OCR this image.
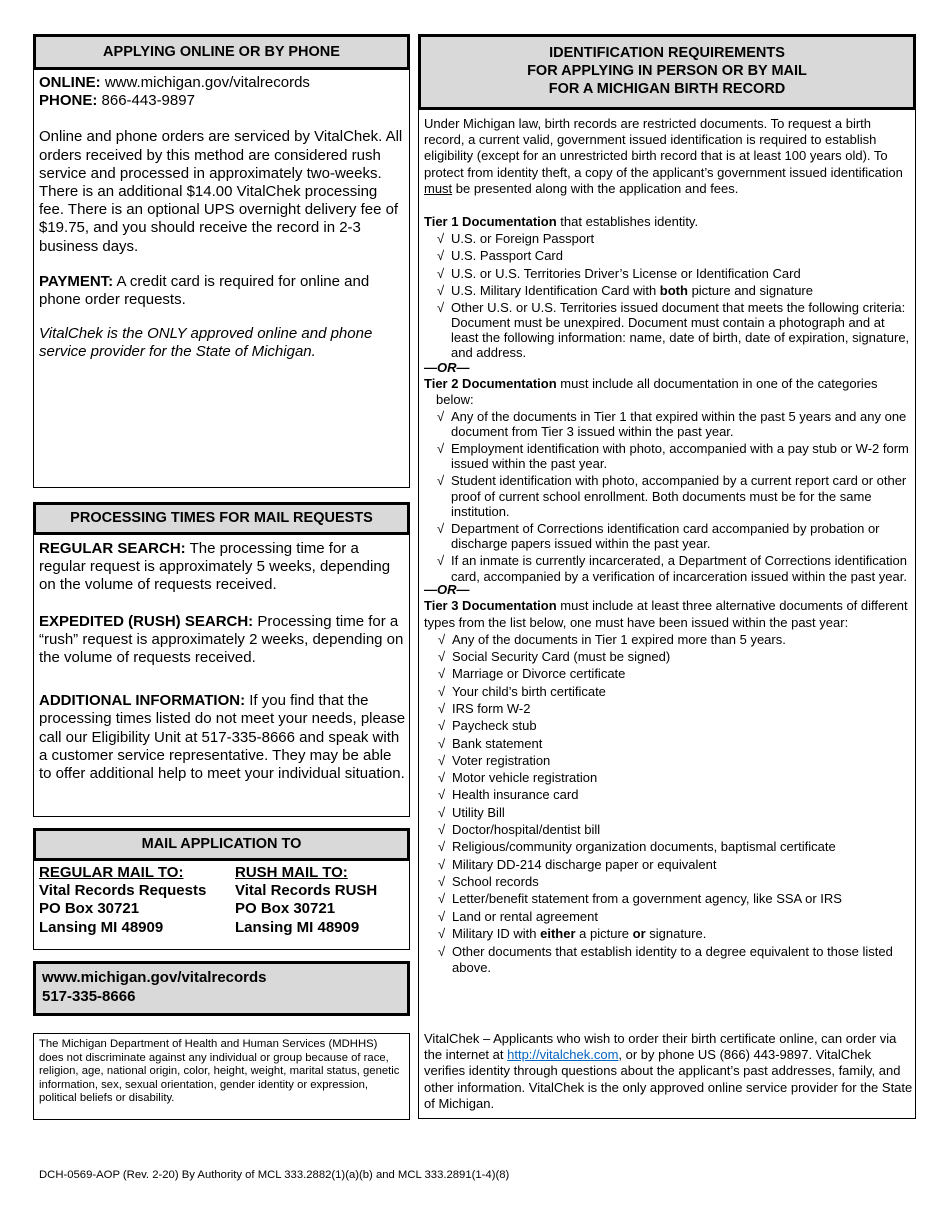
APPLYING ONLINE OR BY PHONE

ONLINE: www.michigan.gov/vitalrecords

PHONE: 866-443-9897

Online and phone orders are serviced by VitalChek. All orders received by this method are considered rush service and processed in approximately two-weeks. There is an additional $14.00 VitalChek processing fee. There is an optional UPS overnight delivery fee of $19.75, and you should receive the record in 2-3 business days.

PAYMENT: A credit card is required for online and phone order requests.

VitalChek is the ONLY approved online and phone service provider for the State of Michigan.

PROCESSING TIMES FOR MAIL REQUESTS

REGULAR SEARCH: The processing time for a regular request is approximately 5 weeks, depending on the volume of requests received.

EXPEDITED (RUSH) SEARCH: Processing time for a “rush” request is approximately 2 weeks, depending on the volume of requests received.

ADDITIONAL INFORMATION: If you find that the processing times listed do not meet your needs, please call our Eligibility Unit at 517-335-8666 and speak with a customer service representative. They may be able to offer additional help to meet your individual situation.

MAIL APPLICATION TO

REGULAR MAIL TO:

Vital Records Requests

PO Box 30721

Lansing MI 48909

RUSH MAIL TO:

Vital Records RUSH

PO Box 30721

Lansing MI 48909

www.michigan.gov/vitalrecords

517-335-8666

The Michigan Department of Health and Human Services (MDHHS) does not discriminate against any individual or group because of race, religion, age, national origin, color, height, weight, marital status, genetic information, sex, sexual orientation, gender identity or expression, political beliefs or disability.

IDENTIFICATION REQUIREMENTS

FOR APPLYING IN PERSON OR BY MAIL

FOR A MICHIGAN BIRTH RECORD

Under Michigan law, birth records are restricted documents. To request a birth record, a current valid, government issued identification is required to establish eligibility (except for an unrestricted birth record that is at least 100 years old). To protect from identity theft, a copy of the applicant’s government issued identification must be presented along with the application and fees.

Tier 1 Documentation that establishes identity.

√ U.S. or Foreign Passport
√ U.S. Passport Card
√ U.S. or U.S. Territories Driver’s License or Identification Card
√ U.S. Military Identification Card with both picture and signature
√ Other U.S. or U.S. Territories issued document that meets the following criteria: Document must be unexpired. Document must contain a photograph and at least the following information: name, date of birth, date of expiration, signature, and address.

—OR—

Tier 2 Documentation must include all documentation in one of the categories below:

√ Any of the documents in Tier 1 that expired within the past 5 years and any one document from Tier 3 issued within the past year.
√ Employment identification with photo, accompanied with a pay stub or W-2 form issued within the past year.
√ Student identification with photo, accompanied by a current report card or other proof of current school enrollment. Both documents must be for the same institution.
√ Department of Corrections identification card accompanied by probation or discharge papers issued within the past year.
√ If an inmate is currently incarcerated, a Department of Corrections identification card, accompanied by a verification of incarceration issued within the past year.

—OR—

Tier 3 Documentation must include at least three alternative documents of different types from the list below, one must have been issued within the past year:

√ Any of the documents in Tier 1 expired more than 5 years.
√ Social Security Card (must be signed)
√ Marriage or Divorce certificate
√ Your child’s birth certificate
√ IRS form W-2
√ Paycheck stub
√ Bank statement
√ Voter registration
√ Motor vehicle registration
√ Health insurance card
√ Utility Bill
√ Doctor/hospital/dentist bill
√ Religious/community organization documents, baptismal certificate
√ Military DD-214 discharge paper or equivalent
√ School records
√ Letter/benefit statement from a government agency, like SSA or IRS
√ Land or rental agreement
√ Military ID with either a picture or signature.
√ Other documents that establish identity to a degree equivalent to those listed above.
VitalChek – Applicants who wish to order their birth certificate online, can order via the internet at http://vitalchek.com, or by phone US (866) 443-9897. VitalChek verifies identity through questions about the applicant’s past addresses, family, and other information. VitalChek is the only approved online service provider for the State of Michigan.
DCH-0569-AOP (Rev. 2-20) By Authority of MCL 333.2882(1)(a)(b) and MCL 333.2891(1-4)(8)
